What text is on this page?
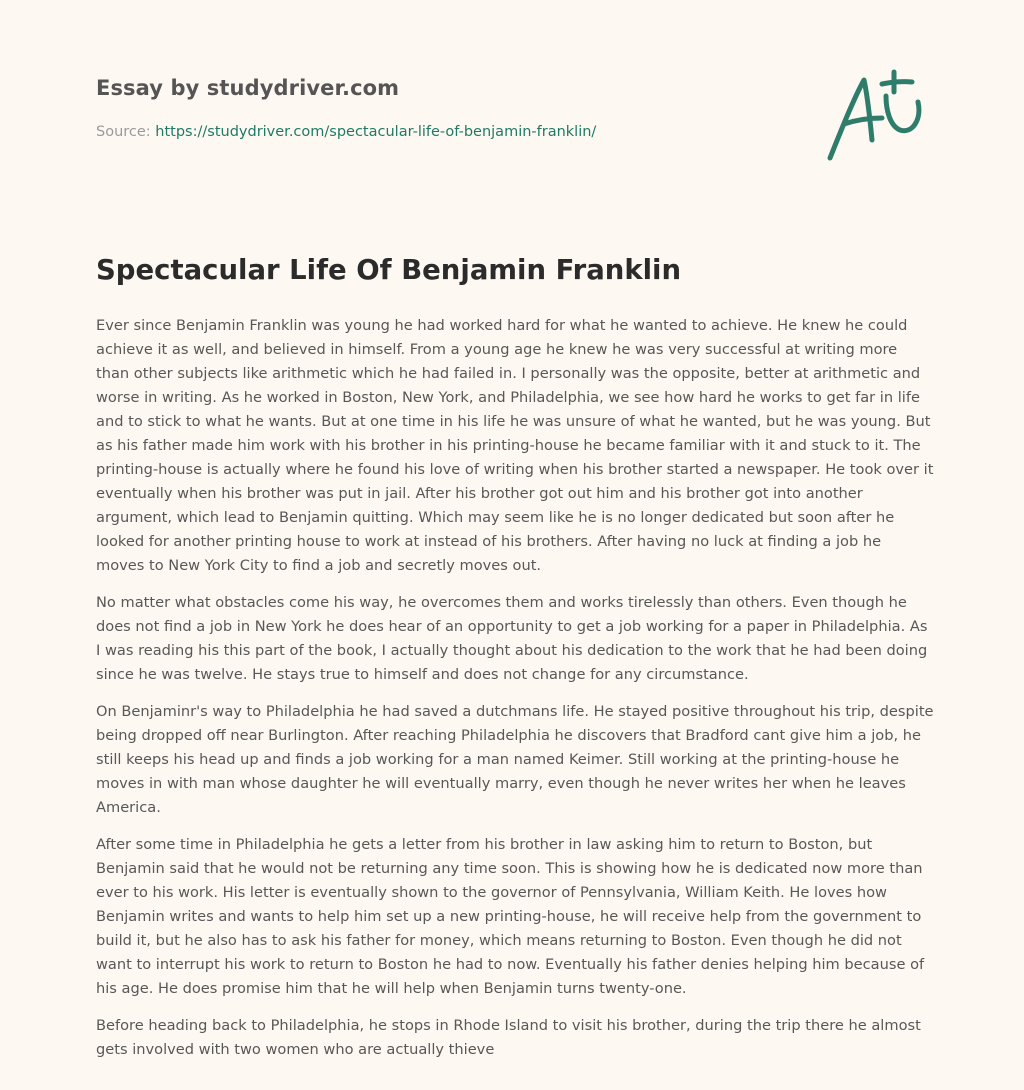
Essay by studydriver.com

Source: https://studydriver.com/spectacular-life-of-benjamin-franklin/

Spectacular Life Of Benjamin Franklin

Ever since Benjamin Franklin was young he had worked hard for what he wanted to achieve. He knew he could achieve it as well, and believed in himself. From a young age he knew he was very successful at writing more than other subjects like arithmetic which he had failed in. I personally was the opposite, better at arithmetic and worse in writing. As he worked in Boston, New York, and Philadelphia, we see how hard he works to get far in life and to stick to what he wants. But at one time in his life he was unsure of what he wanted, but he was young. But as his father made him work with his brother in his printing-house he became familiar with it and stuck to it. The printing-house is actually where he found his love of writing when his brother started a newspaper. He took over it eventually when his brother was put in jail. After his brother got out him and his brother got into another argument, which lead to Benjamin quitting. Which may seem like he is no longer dedicated but soon after he looked for another printing house to work at instead of his brothers. After having no luck at finding a job he moves to New York City to find a job and secretly moves out.

No matter what obstacles come his way, he overcomes them and works tirelessly than others. Even though he does not find a job in New York he does hear of an opportunity to get a job working for a paper in Philadelphia. As I was reading his this part of the book, I actually thought about his dedication to the work that he had been doing since he was twelve. He stays true to himself and does not change for any circumstance.

On Benjaminr's way to Philadelphia he had saved a dutchmans life. He stayed positive throughout his trip, despite being dropped off near Burlington. After reaching Philadelphia he discovers that Bradford cant give him a job, he still keeps his head up and finds a job working for a man named Keimer. Still working at the printing-house he moves in with man whose daughter he will eventually marry, even though he never writes her when he leaves America.

After some time in Philadelphia he gets a letter from his brother in law asking him to return to Boston, but Benjamin said that he would not be returning any time soon. This is showing how he is dedicated now more than ever to his work. His letter is eventually shown to the governor of Pennsylvania, William Keith. He loves how Benjamin writes and wants to help him set up a new printing-house, he will receive help from the government to build it, but he also has to ask his father for money, which means returning to Boston. Even though he did not want to interrupt his work to return to Boston he had to now. Eventually his father denies helping him because of his age. He does promise him that he will help when Benjamin turns twenty-one.

Before heading back to Philadelphia, he stops in Rhode Island to visit his brother, during the trip there he almost gets involved with two women who are actually thieve
